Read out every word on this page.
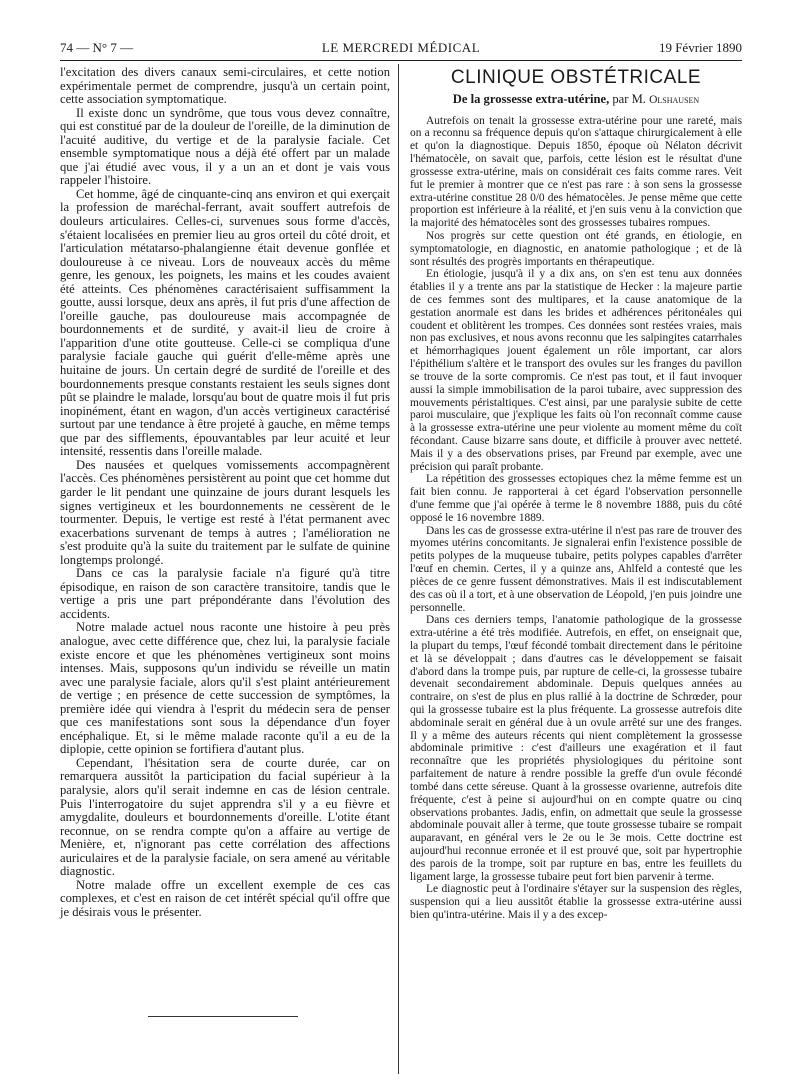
74 — N° 7 —	LE MERCREDI MÉDICAL	19 Février 1890

l'excitation des divers canaux semi-circulaires, et cette notion expérimentale permet de comprendre, jusqu'à un certain point, cette association symptomatique.

Il existe donc un syndrôme, que tous vous devez connaître, qui est constitué par de la douleur de l'oreille, de la diminution de l'acuité auditive, du vertige et de la paralysie faciale. Cet ensemble symptomatique nous a déjà été offert par un malade que j'ai étudié avec vous, il y a un an et dont je vais vous rappeler l'histoire.

Cet homme, âgé de cinquante-cinq ans environ et qui exerçait la profession de maréchal-ferrant, avait souffert autrefois de douleurs articulaires. Celles-ci, survenues sous forme d'accès, s'étaient localisées en premier lieu au gros orteil du côté droit, et l'articulation métatarso-phalangienne était devenue gonflée et douloureuse à ce niveau. Lors de nouveaux accès du même genre, les genoux, les poignets, les mains et les coudes avaient été atteints. Ces phénomènes caractérisaient suffisamment la goutte, aussi lorsque, deux ans après, il fut pris d'une affection de l'oreille gauche, pas douloureuse mais accompagnée de bourdonnements et de surdité, y avait-il lieu de croire à l'apparition d'une otite goutteuse. Celle-ci se compliqua d'une paralysie faciale gauche qui guérit d'elle-même après une huitaine de jours. Un certain degré de surdité de l'oreille et des bourdonnements presque constants restaient les seuls signes dont pût se plaindre le malade, lorsqu'au bout de quatre mois il fut pris inopinément, étant en wagon, d'un accès vertigineux caractérisé surtout par une tendance à être projeté à gauche, en même temps que par des sifflements, épouvantables par leur acuité et leur intensité, ressentis dans l'oreille malade.

Des nausées et quelques vomissements accompagnèrent l'accès. Ces phénomènes persistèrent au point que cet homme dut garder le lit pendant une quinzaine de jours durant lesquels les signes vertigineux et les bourdonnements ne cessèrent de le tourmenter. Depuis, le vertige est resté à l'état permanent avec exacerbations survenant de temps à autres ; l'amélioration ne s'est produite qu'à la suite du traitement par le sulfate de quinine longtemps prolongé.

Dans ce cas la paralysie faciale n'a figuré qu'à titre épisodique, en raison de son caractère transitoire, tandis que le vertige a pris une part prépondérante dans l'évolution des accidents.

Notre malade actuel nous raconte une histoire à peu près analogue, avec cette différence que, chez lui, la paralysie faciale existe encore et que les phénomènes vertigineux sont moins intenses. Mais, supposons qu'un individu se réveille un matin avec une paralysie faciale, alors qu'il s'est plaint antérieurement de vertige ; en présence de cette succession de symptômes, la première idée qui viendra à l'esprit du médecin sera de penser que ces manifestations sont sous la dépendance d'un foyer encéphalique. Et, si le même malade raconte qu'il a eu de la diplopie, cette opinion se fortifiera d'autant plus.

Cependant, l'hésitation sera de courte durée, car on remarquera aussitôt la participation du facial supérieur à la paralysie, alors qu'il serait indemne en cas de lésion centrale. Puis l'interrogatoire du sujet apprendra s'il y a eu fièvre et amygdalite, douleurs et bourdonnements d'oreille. L'otite étant reconnue, on se rendra compte qu'on a affaire au vertige de Menière, et, n'ignorant pas cette corrélation des affections auriculaires et de la paralysie faciale, on sera amené au véritable diagnostic.

Notre malade offre un excellent exemple de ces cas complexes, et c'est en raison de cet intérêt spécial qu'il offre que je désirais vous le présenter.

CLINIQUE OBSTÉTRICALE
De la grossesse extra-utérine, par M. Olshausen

Autrefois on tenait la grossesse extra-utérine pour une rareté, mais on a reconnu sa fréquence depuis qu'on s'attaque chirurgicalement à elle et qu'on la diagnostique. Depuis 1850, époque où Nélaton décrivit l'hématocèle, on savait que, parfois, cette lésion est le résultat d'une grossesse extra-utérine, mais on considérait ces faits comme rares. Veit fut le premier à montrer que ce n'est pas rare : à son sens la grossesse extra-utérine constitue 28 0/0 des hématocèles. Je pense même que cette proportion est inférieure à la réalité, et j'en suis venu à la conviction que la majorité des hématocèles sont des grossesses tubaires rompues.

Nos progrès sur cette question ont été grands, en étiologie, en symptomatologie, en diagnostic, en anatomie pathologique ; et de là sont résultés des progrès importants en thérapeutique.

En étiologie, jusqu'à il y a dix ans, on s'en est tenu aux données établies il y a trente ans par la statistique de Hecker : la majeure partie de ces femmes sont des multipares, et la cause anatomique de la gestation anormale est dans les brides et adhérences péritonéales qui coudent et oblitèrent les trompes. Ces données sont restées vraies, mais non pas exclusives, et nous avons reconnu que les salpingites catarrhales et hémorrhagiques jouent également un rôle important, car alors l'épithélium s'altère et le transport des ovules sur les franges du pavillon se trouve de la sorte compromis. Ce n'est pas tout, et il faut invoquer aussi la simple immobilisation de la paroi tubaire, avec suppression des mouvements péristaltiques. C'est ainsi, par une paralysie subite de cette paroi musculaire, que j'explique les faits où l'on reconnaît comme cause à la grossesse extra-utérine une peur violente au moment même du coït fécondant. Cause bizarre sans doute, et difficile à prouver avec netteté. Mais il y a des observations prises, par Freund par exemple, avec une précision qui paraît probante.

La répétition des grossesses ectopiques chez la même femme est un fait bien connu. Je rapporterai à cet égard l'observation personnelle d'une femme que j'ai opérée à terme le 8 novembre 1888, puis du côté opposé le 16 novembre 1889.

Dans les cas de grossesse extra-utérine il n'est pas rare de trouver des myomes utérins concomitants. Je signalerai enfin l'existence possible de petits polypes de la muqueuse tubaire, petits polypes capables d'arrêter l'œuf en chemin. Certes, il y a quinze ans, Ahlfeld a contesté que les pièces de ce genre fussent démonstratives. Mais il est indiscutablement des cas où il a tort, et à une observation de Léopold, j'en puis joindre une personnelle.

Dans ces derniers temps, l'anatomie pathologique de la grossesse extra-utérine a été très modifiée. Autrefois, en effet, on enseignait que, la plupart du temps, l'œuf fécondé tombait directement dans le péritoine et là se développait ; dans d'autres cas le développement se faisait d'abord dans la trompe puis, par rupture de celle-ci, la grossesse tubaire devenait secondairement abdominale. Depuis quelques années au contraire, on s'est de plus en plus rallié à la doctrine de Schrœder, pour qui la grossesse tubaire est la plus fréquente. La grossesse autrefois dite abdominale serait en général due à un ovule arrêté sur une des franges. Il y a même des auteurs récents qui nient complètement la grossesse abdominale primitive : c'est d'ailleurs une exagération et il faut reconnaître que les propriétés physiologiques du péritoine sont parfaitement de nature à rendre possible la greffe d'un ovule fécondé tombé dans cette séreuse. Quant à la grossesse ovarienne, autrefois dite fréquente, c'est à peine si aujourd'hui on en compte quatre ou cinq observations probantes. Jadis, enfin, on admettait que seule la grossesse abdominale pouvait aller à terme, que toute grossesse tubaire se rompait auparavant, en général vers le 2e ou le 3e mois. Cette doctrine est aujourd'hui reconnue erronée et il est prouvé que, soit par hypertrophie des parois de la trompe, soit par rupture en bas, entre les feuillets du ligament large, la grossesse tubaire peut fort bien parvenir à terme.

Le diagnostic peut à l'ordinaire s'étayer sur la suspension des règles, suspension qui a lieu aussitôt établie la grossesse extra-utérine aussi bien qu'intra-utérine. Mais il y a des excep-
